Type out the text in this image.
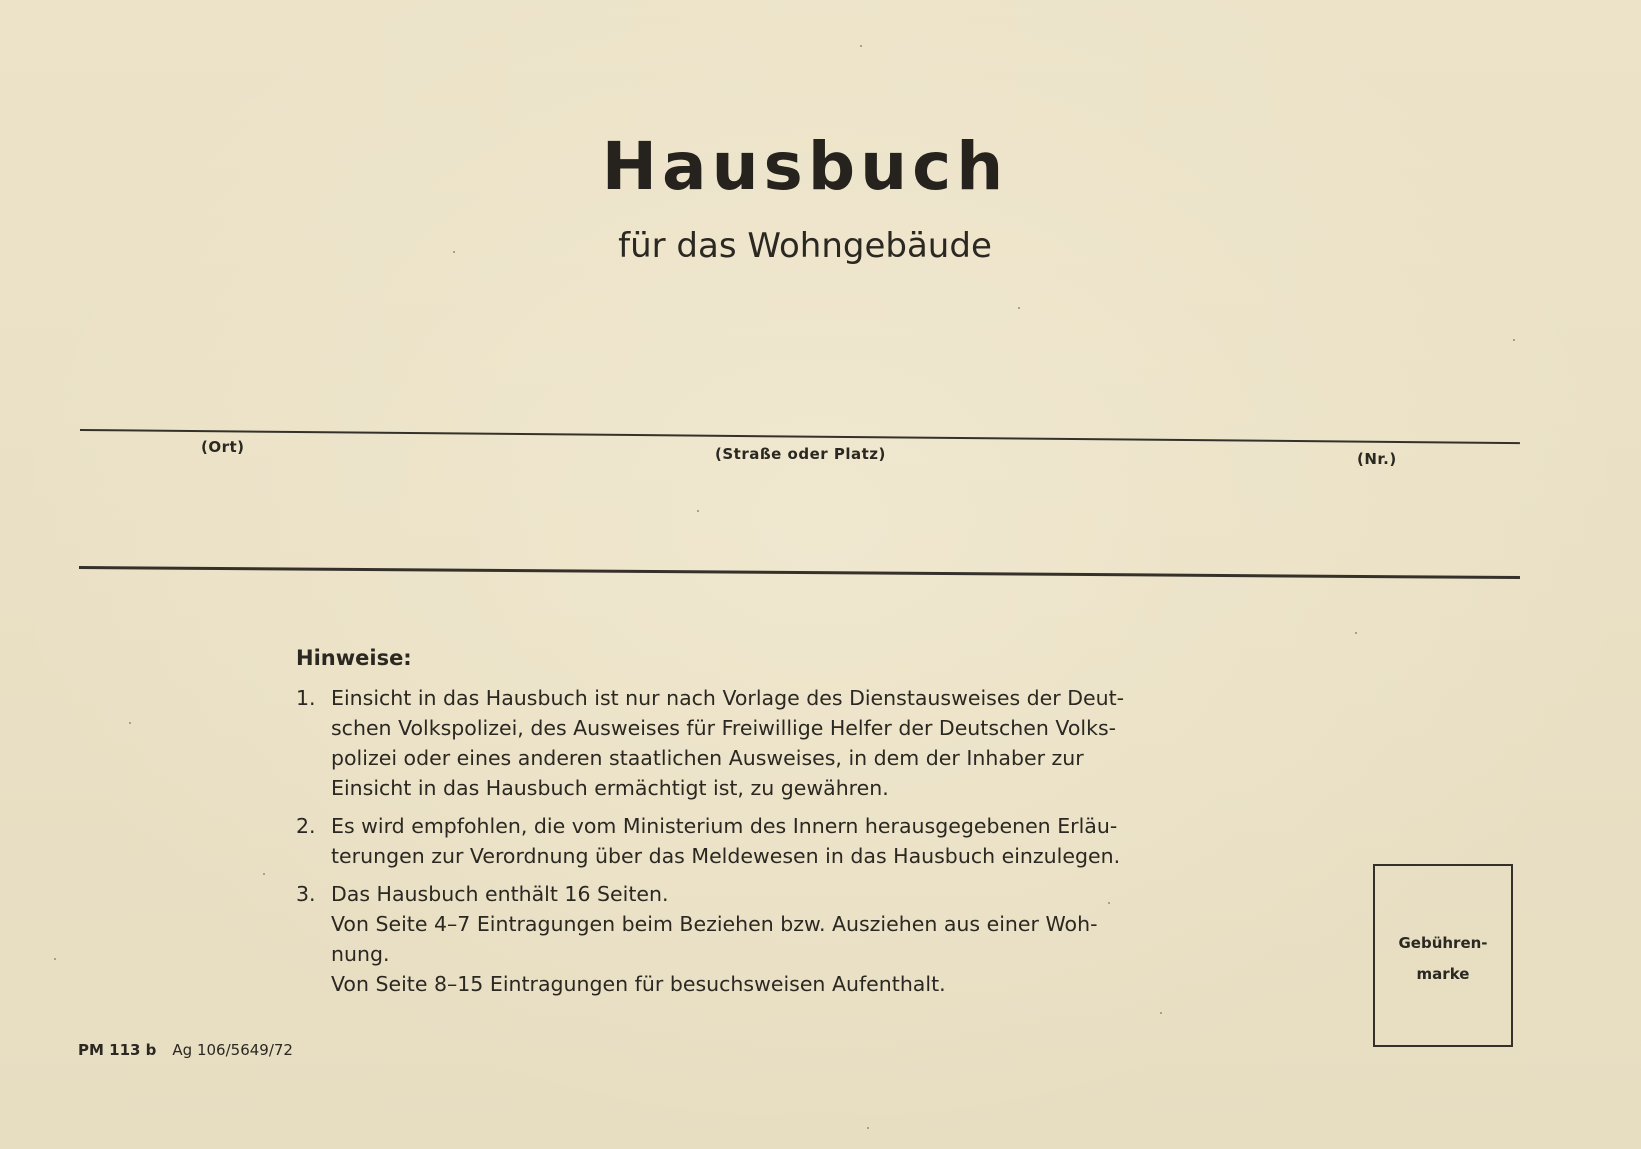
Hausbuch
für das Wohngebäude
(Ort)	(Straße oder Platz)	(Nr.)
Hinweise:
1. Einsicht in das Hausbuch ist nur nach Vorlage des Dienstausweises der Deut-
schen Volkspolizei, des Ausweises für Freiwillige Helfer der Deutschen Volks-
polizei oder eines anderen staatlichen Ausweises, in dem der Inhaber zur
Einsicht in das Hausbuch ermächtigt ist, zu gewähren.
2. Es wird empfohlen, die vom Ministerium des Innern herausgegebenen Erläu-
terungen zur Verordnung über das Meldewesen in das Hausbuch einzulegen.
3. Das Hausbuch enthält 16 Seiten.
Von Seite 4–7 Eintragungen beim Beziehen bzw. Ausziehen aus einer Woh-
nung.
Von Seite 8–15 Eintragungen für besuchsweisen Aufenthalt.
Gebühren-
marke
PM 113 b Ag 106/5649/72
